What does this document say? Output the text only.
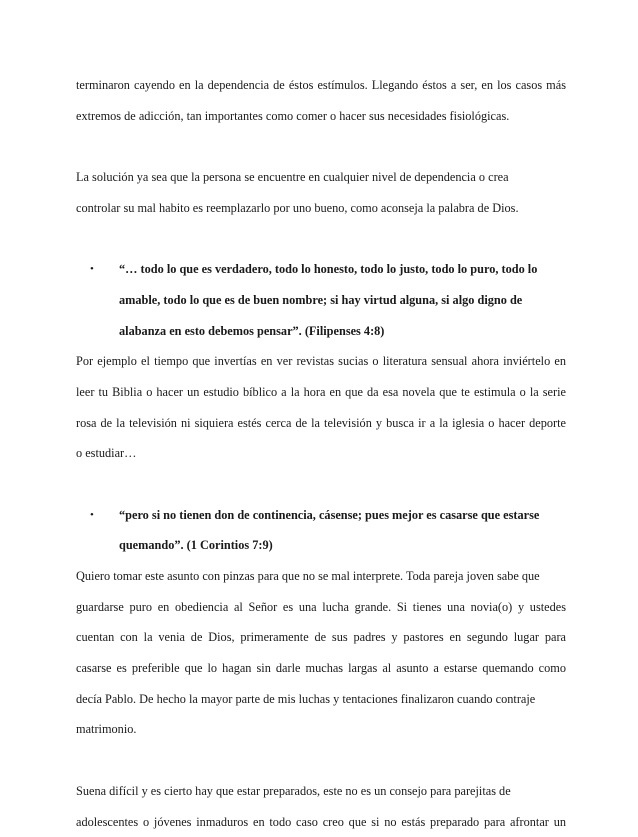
terminaron cayendo en la dependencia de éstos estímulos. Llegando éstos a ser, en los casos más
extremos de adicción, tan importantes como comer o hacer sus necesidades fisiológicas.
La solución ya sea que la persona se encuentre en cualquier nivel de dependencia o crea
controlar su mal habito es reemplazarlo por uno bueno, como aconseja la palabra de Dios.
• “… todo lo que es verdadero, todo lo honesto, todo lo justo, todo lo puro, todo lo
amable, todo lo que es de buen nombre; si hay virtud alguna, si algo digno de
alabanza en esto debemos pensar”. (Filipenses 4:8)
Por ejemplo el tiempo que invertías en ver revistas sucias o literatura sensual ahora inviértelo en
leer tu Biblia o hacer un estudio bíblico a la hora en que da esa novela que te estimula o la serie
rosa de la televisión ni siquiera estés cerca de la televisión y busca ir a la iglesia o hacer deporte
o estudiar…
• “pero si no tienen don de continencia, cásense; pues mejor es casarse que estarse
quemando”. (1 Corintios 7:9)
Quiero tomar este asunto con pinzas para que no se mal interprete. Toda pareja joven sabe que
guardarse puro en obediencia al Señor es una lucha grande. Si tienes una novia(o) y ustedes
cuentan con la venia de Dios, primeramente de sus padres y pastores en segundo lugar para
casarse es preferible que lo hagan sin darle muchas largas al asunto a estarse quemando como
decía Pablo. De hecho la mayor parte de mis luchas y tentaciones finalizaron cuando contraje
matrimonio.
Suena difícil y es cierto hay que estar preparados, este no es un consejo para parejitas de
adolescentes o jóvenes inmaduros en todo caso creo que si no estás preparado para afrontar un
